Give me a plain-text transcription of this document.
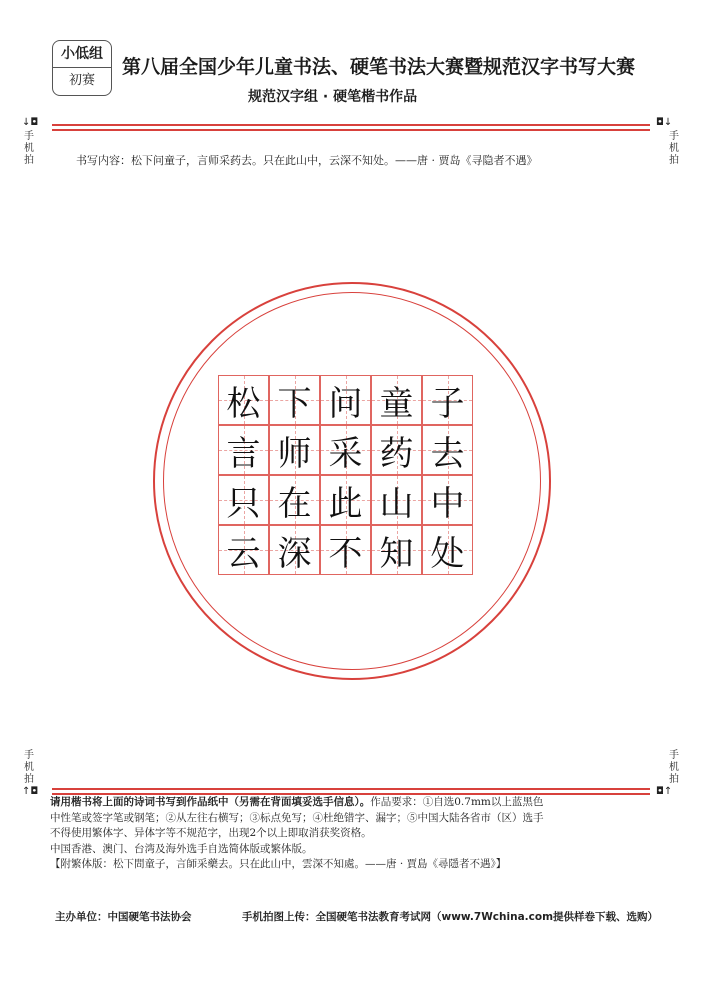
小低组
初赛
第八届全国少年儿童书法、硬笔书法大赛暨规范汉字书写大赛
规范汉字组 · 硬笔楷书作品
↓◘
手机拍
◘↓
手机拍
书写内容：松下问童子，言师采药去。只在此山中，云深不知处。——唐 · 贾岛《寻隐者不遇》
松 下 问 童 子
言 师 采 药 去
只 在 此 山 中
云 深 不 知 处
手机拍
↑◘
手机拍
◘↑

请用楷书将上面的诗词书写到作品纸中（另需在背面填妥选手信息）。作品要求：①自选0.7mm以上蓝黑色

中性笔或签字笔或钢笔；②从左往右横写；③标点免写；④杜绝错字、漏字；⑤中国大陆各省市（区）选手

不得使用繁体字、异体字等不规范字，出现2个以上即取消获奖资格。

中国香港、澳门、台湾及海外选手自选简体版或繁体版。

【附繁体版：松下問童子，言師采藥去。只在此山中，雲深不知處。——唐 · 賈島《尋隱者不遇》】

主办单位：中国硬笔书法协会	手机拍图上传：全国硬笔书法教育考试网（www.7Wchina.com提供样卷下载、选购）
